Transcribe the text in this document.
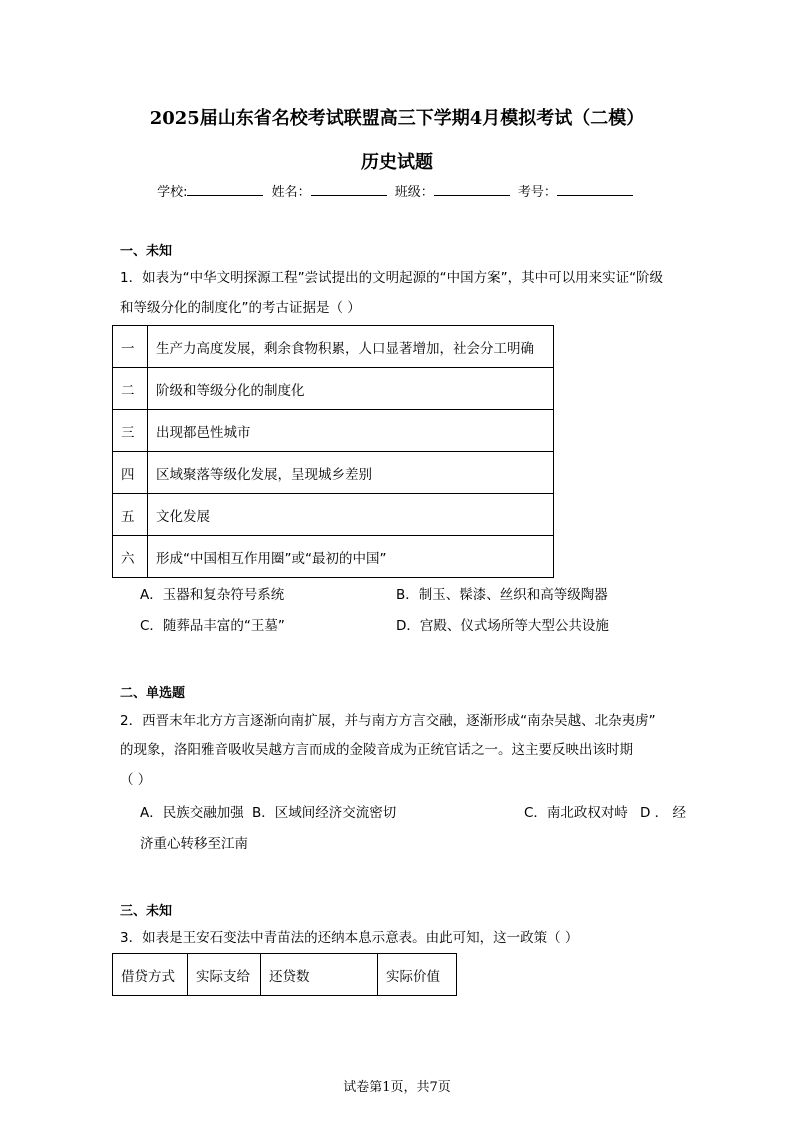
2025届山东省名校考试联盟高三下学期4月模拟考试（二模）
历史试题
学校:	姓名：	班级：	考号：
一、未知
1．如表为“中华文明探源工程”尝试提出的文明起源的“中国方案”，其中可以用来实证“阶级
和等级分化的制度化”的考古证据是（ ）
一	生产力高度发展，剩余食物积累，人口显著增加，社会分工明确
二	阶级和等级分化的制度化
三	出现都邑性城市
四	区域聚落等级化发展，呈现城乡差别
五	文化发展
六	形成“中国相互作用圈”或“最初的中国”
A．玉器和复杂符号系统	B．制玉、髹漆、丝织和高等级陶器
C．随葬品丰富的“王墓”	D．宫殿、仪式场所等大型公共设施
二、单选题
2．西晋末年北方方言逐渐向南扩展，并与南方方言交融，逐渐形成“南杂吴越、北杂夷虏”
的现象，洛阳雅音吸收吴越方言而成的金陵音成为正统官话之一。这主要反映出该时期
（ ）
A．民族交融加强 B．区域间经济交流密切	C．南北政权对峙 D ． 经
济重心转移至江南
三、未知
3．如表是王安石变法中青苗法的还纳本息示意表。由此可知，这一政策（ ）
借贷方式	实际支给	还贷数	实际价值
试卷第1页，共7页
